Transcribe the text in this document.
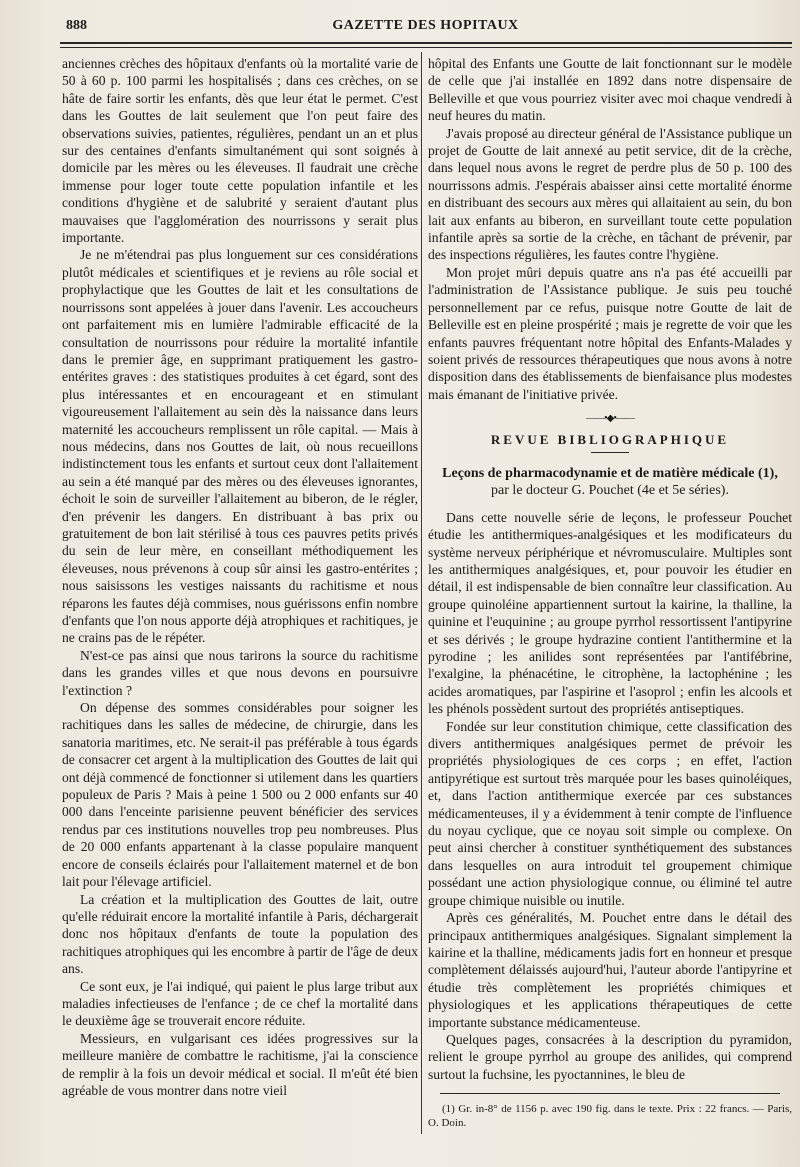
888	GAZETTE DES HOPITAUX

anciennes crèches des hôpitaux d'enfants où la mortalité varie de 50 à 60 p. 100 parmi les hospitalisés ; dans ces crèches, on se hâte de faire sortir les enfants, dès que leur état le permet. C'est dans les Gouttes de lait seulement que l'on peut faire des observations suivies, patientes, régulières, pendant un an et plus sur des centaines d'enfants simultanément qui sont soignés à domicile par les mères ou les éleveuses. Il faudrait une crèche immense pour loger toute cette population infantile et les conditions d'hygiène et de salubrité y seraient d'autant plus mauvaises que l'agglomération des nourrissons y serait plus importante.

Je ne m'étendrai pas plus longuement sur ces considérations plutôt médicales et scientifiques et je reviens au rôle social et prophylactique que les Gouttes de lait et les consultations de nourrissons sont appelées à jouer dans l'avenir. Les accoucheurs ont parfaitement mis en lumière l'admirable efficacité de la consultation de nourrissons pour réduire la mortalité infantile dans le premier âge, en supprimant pratiquement les gastro-entérites graves : des statistiques produites à cet égard, sont des plus intéressantes et en encourageant et en stimulant vigoureusement l'allaitement au sein dès la naissance dans leurs maternité les accoucheurs remplissent un rôle capital. — Mais à nous médecins, dans nos Gouttes de lait, où nous recueillons indistinctement tous les enfants et surtout ceux dont l'allaitement au sein a été manqué par des mères ou des éleveuses ignorantes, échoit le soin de surveiller l'allaitement au biberon, de le régler, d'en prévenir les dangers. En distribuant à bas prix ou gratuitement de bon lait stérilisé à tous ces pauvres petits privés du sein de leur mère, en conseillant méthodiquement les éleveuses, nous prévenons à coup sûr ainsi les gastro-entérites ; nous saisissons les vestiges naissants du rachitisme et nous réparons les fautes déjà commises, nous guérissons enfin nombre d'enfants que l'on nous apporte déjà atrophiques et rachitiques, je ne crains pas de le répéter.

N'est-ce pas ainsi que nous tarirons la source du rachitisme dans les grandes villes et que nous devons en poursuivre l'extinction ?

On dépense des sommes considérables pour soigner les rachitiques dans les salles de médecine, de chirurgie, dans les sanatoria maritimes, etc. Ne serait-il pas préférable à tous égards de consacrer cet argent à la multiplication des Gouttes de lait qui ont déjà commencé de fonctionner si utilement dans les quartiers populeux de Paris ? Mais à peine 1 500 ou 2 000 enfants sur 40 000 dans l'enceinte parisienne peuvent bénéficier des services rendus par ces institutions nouvelles trop peu nombreuses. Plus de 20 000 enfants appartenant à la classe populaire manquent encore de conseils éclairés pour l'allaitement maternel et de bon lait pour l'élevage artificiel.

La création et la multiplication des Gouttes de lait, outre qu'elle réduirait encore la mortalité infantile à Paris, déchargerait donc nos hôpitaux d'enfants de toute la population des rachitiques atrophiques qui les encombre à partir de l'âge de deux ans.

Ce sont eux, je l'ai indiqué, qui paient le plus large tribut aux maladies infectieuses de l'enfance ; de ce chef la mortalité dans le deuxième âge se trouverait encore réduite.

Messieurs, en vulgarisant ces idées progressives sur la meilleure manière de combattre le rachitisme, j'ai la conscience de remplir à la fois un devoir médical et social. Il m'eût été bien agréable de vous montrer dans notre vieil

hôpital des Enfants une Goutte de lait fonctionnant sur le modèle de celle que j'ai installée en 1892 dans notre dispensaire de Belleville et que vous pourriez visiter avec moi chaque vendredi à neuf heures du matin.

J'avais proposé au directeur général de l'Assistance publique un projet de Goutte de lait annexé au petit service, dit de la crèche, dans lequel nous avons le regret de perdre plus de 50 p. 100 des nourrissons admis. J'espérais abaisser ainsi cette mortalité énorme en distribuant des secours aux mères qui allaitaient au sein, du bon lait aux enfants au biberon, en surveillant toute cette population infantile après sa sortie de la crèche, en tâchant de prévenir, par des inspections régulières, les fautes contre l'hygiène.

Mon projet mûri depuis quatre ans n'a pas été accueilli par l'administration de l'Assistance publique. Je suis peu touché personnellement par ce refus, puisque notre Goutte de lait de Belleville est en pleine prospérité ; mais je regrette de voir que les enfants pauvres fréquentant notre hôpital des Enfants-Malades y soient privés de ressources thérapeutiques que nous avons à notre disposition dans des établissements de bienfaisance plus modestes mais émanant de l'initiative privée.

——•◆•——
REVUE BIBLIOGRAPHIQUE

Leçons de pharmacodynamie et de matière médicale (1),
par le docteur G. Pouchet (4e et 5e séries).

Dans cette nouvelle série de leçons, le professeur Pouchet étudie les antithermiques-analgésiques et les modificateurs du système nerveux périphérique et névromusculaire. Multiples sont les antithermiques analgésiques, et, pour pouvoir les étudier en détail, il est indispensable de bien connaître leur classification. Au groupe quinoléine appartiennent surtout la kairine, la thalline, la quinine et l'euquinine ; au groupe pyrrhol ressortissent l'antipyrine et ses dérivés ; le groupe hydrazine contient l'antithermine et la pyrodine ; les anilides sont représentées par l'antifébrine, l'exalgine, la phénacétine, le citrophène, la lactophénine ; les acides aromatiques, par l'aspirine et l'asoprol ; enfin les alcools et les phénols possèdent surtout des propriétés antiseptiques.

Fondée sur leur constitution chimique, cette classification des divers antithermiques analgésiques permet de prévoir les propriétés physiologiques de ces corps ; en effet, l'action antipyrétique est surtout très marquée pour les bases quinoléiques, et, dans l'action antithermique exercée par ces substances médicamenteuses, il y a évidemment à tenir compte de l'influence du noyau cyclique, que ce noyau soit simple ou complexe. On peut ainsi chercher à constituer synthétiquement des substances dans lesquelles on aura introduit tel groupement chimique possédant une action physiologique connue, ou éliminé tel autre groupe chimique nuisible ou inutile.

Après ces généralités, M. Pouchet entre dans le détail des principaux antithermiques analgésiques. Signalant simplement la kairine et la thalline, médicaments jadis fort en honneur et presque complètement délaissés aujourd'hui, l'auteur aborde l'antipyrine et étudie très complètement les propriétés chimiques et physiologiques et les applications thérapeutiques de cette importante substance médicamenteuse.

Quelques pages, consacrées à la description du pyramidon, relient le groupe pyrrhol au groupe des anilides, qui comprend surtout la fuchsine, les pyoctannines, le bleu de

(1) Gr. in-8° de 1156 p. avec 190 fig. dans le texte. Prix : 22 francs. — Paris, O. Doin.
